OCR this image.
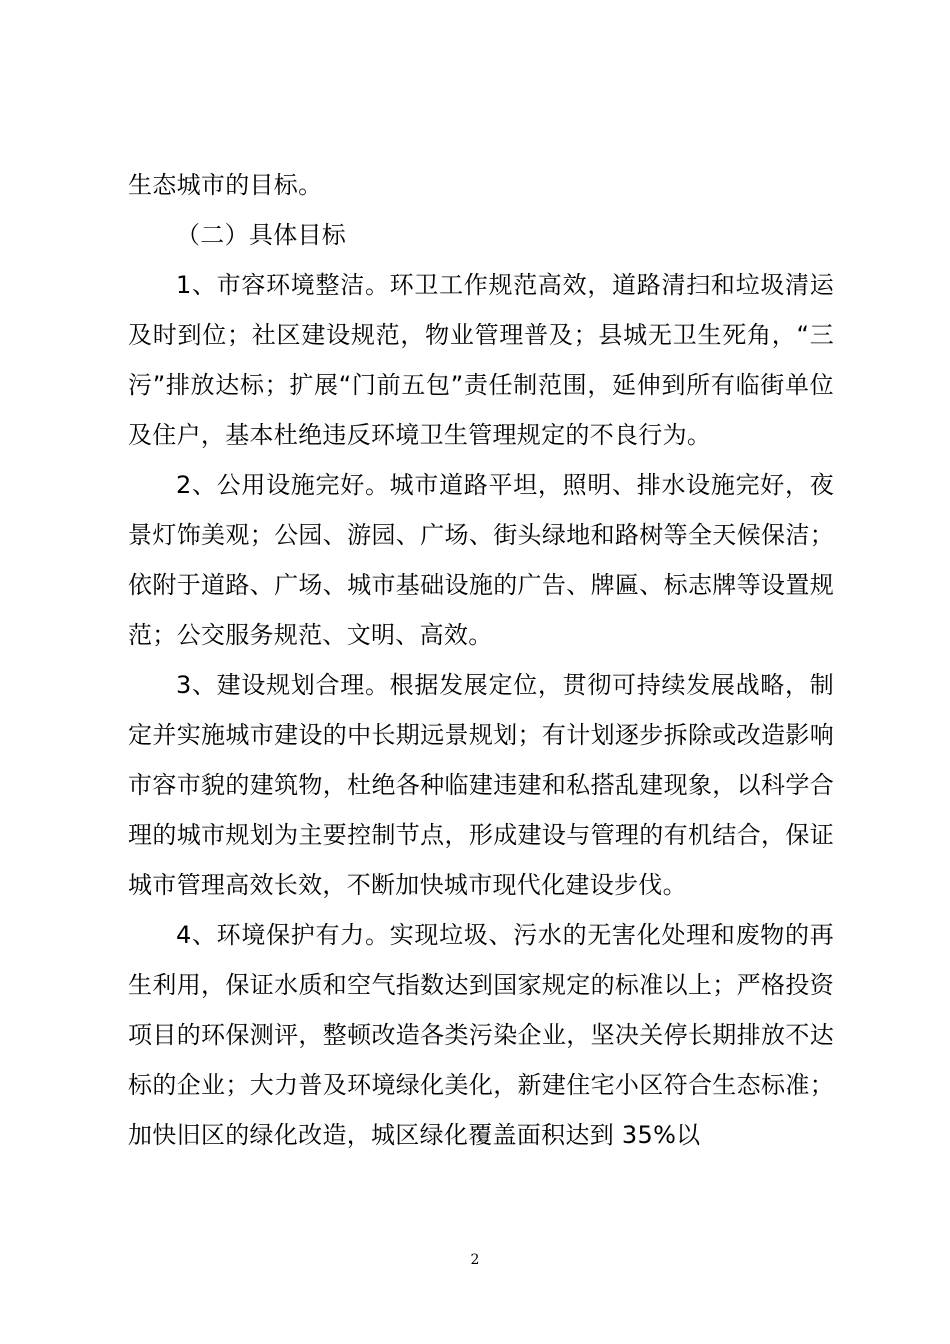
生态城市的目标。

（二）具体目标

1、市容环境整洁。环卫工作规范高效，道路清扫和垃圾清运及时到位；社区建设规范，物业管理普及；县城无卫生死角，“三污”排放达标；扩展“门前五包”责任制范围，延伸到所有临街单位及住户，基本杜绝违反环境卫生管理规定的不良行为。

2、公用设施完好。城市道路平坦，照明、排水设施完好，夜景灯饰美观；公园、游园、广场、街头绿地和路树等全天候保洁；依附于道路、广场、城市基础设施的广告、牌匾、标志牌等设置规范；公交服务规范、文明、高效。

3、建设规划合理。根据发展定位，贯彻可持续发展战略，制定并实施城市建设的中长期远景规划；有计划逐步拆除或改造影响市容市貌的建筑物，杜绝各种临建违建和私搭乱建现象，以科学合理的城市规划为主要控制节点，形成建设与管理的有机结合，保证城市管理高效长效，不断加快城市现代化建设步伐。

4、环境保护有力。实现垃圾、污水的无害化处理和废物的再生利用，保证水质和空气指数达到国家规定的标准以上；严格投资项目的环保测评，整顿改造各类污染企业，坚决关停长期排放不达标的企业；大力普及环境绿化美化，新建住宅小区符合生态标准；加快旧区的绿化改造，城区绿化覆盖面积达到 35%以

2
